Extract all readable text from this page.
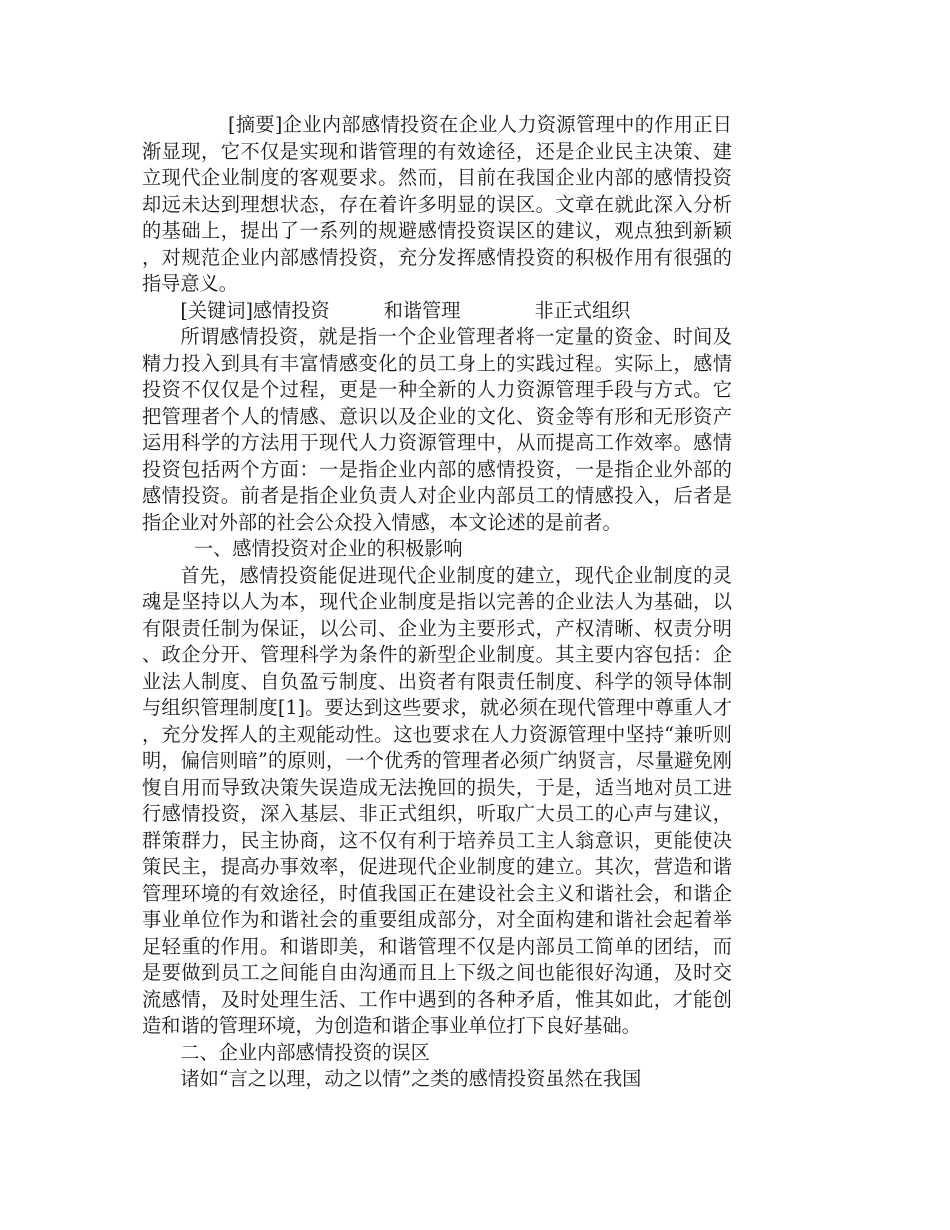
[摘要]企业内部感情投资在企业人力资源管理中的作用正日渐显现，它不仅是实现和谐管理的有效途径，还是企业民主决策、建立现代企业制度的客观要求。然而，目前在我国企业内部的感情投资却远未达到理想状态，存在着许多明显的误区。文章在就此深入分析的基础上，提出了一系列的规避感情投资误区的建议，观点独到新颖，对规范企业内部感情投资，充分发挥感情投资的积极作用有很强的指导意义。

[关键词]感情投资	和谐管理	非正式组织

所谓感情投资，就是指一个企业管理者将一定量的资金、时间及精力投入到具有丰富情感变化的员工身上的实践过程。实际上，感情投资不仅仅是个过程，更是一种全新的人力资源管理手段与方式。它把管理者个人的情感、意识以及企业的文化、资金等有形和无形资产运用科学的方法用于现代人力资源管理中，从而提高工作效率。感情投资包括两个方面：一是指企业内部的感情投资，一是指企业外部的感情投资。前者是指企业负责人对企业内部员工的情感投入，后者是指企业对外部的社会公众投入情感，本文论述的是前者。

一、感情投资对企业的积极影响

首先，感情投资能促进现代企业制度的建立，现代企业制度的灵魂是坚持以人为本，现代企业制度是指以完善的企业法人为基础，以有限责任制为保证，以公司、企业为主要形式，产权清晰、权责分明、政企分开、管理科学为条件的新型企业制度。其主要内容包括：企业法人制度、自负盈亏制度、出资者有限责任制度、科学的领导体制与组织管理制度[1]。要达到这些要求，就必须在现代管理中尊重人才，充分发挥人的主观能动性。这也要求在人力资源管理中坚持“兼听则明，偏信则暗”的原则，一个优秀的管理者必须广纳贤言，尽量避免刚愎自用而导致决策失误造成无法挽回的损失，于是，适当地对员工进行感情投资，深入基层、非正式组织，听取广大员工的心声与建议，群策群力，民主协商，这不仅有利于培养员工主人翁意识，更能使决策民主，提高办事效率，促进现代企业制度的建立。其次，营造和谐管理环境的有效途径，时值我国正在建设社会主义和谐社会，和谐企事业单位作为和谐社会的重要组成部分，对全面构建和谐社会起着举足轻重的作用。和谐即美，和谐管理不仅是内部员工简单的团结，而是要做到员工之间能自由沟通而且上下级之间也能很好沟通，及时交流感情，及时处理生活、工作中遇到的各种矛盾，惟其如此，才能创造和谐的管理环境，为创造和谐企事业单位打下良好基础。

二、企业内部感情投资的误区

诸如“言之以理，动之以情”之类的感情投资虽然在我国
